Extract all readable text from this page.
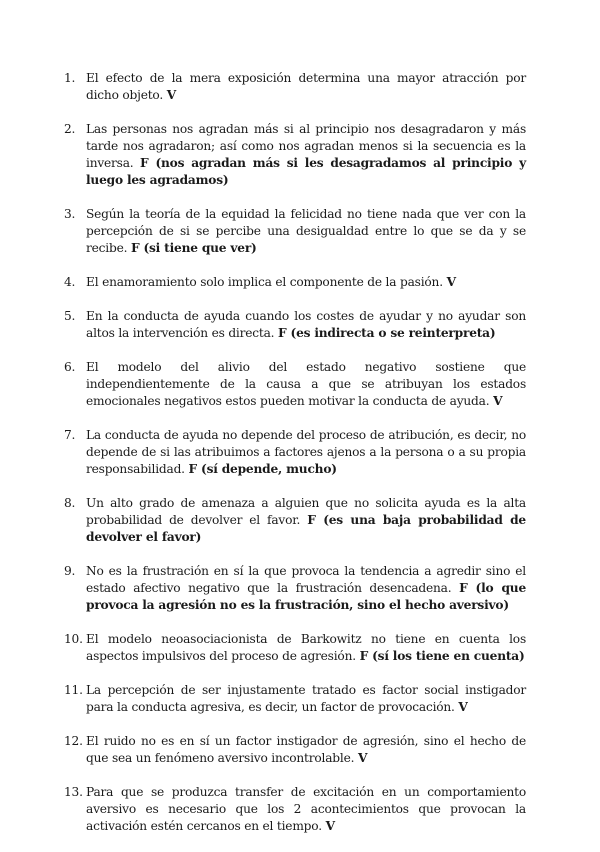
1. El efecto de la mera exposición determina una mayor atracción por dicho objeto. V
2. Las personas nos agradan más si al principio nos desagradaron y más tarde nos agradaron; así como nos agradan menos si la secuencia es la inversa. F (nos agradan más si les desagradamos al principio y luego les agradamos)
3. Según la teoría de la equidad la felicidad no tiene nada que ver con la percepción de si se percibe una desigualdad entre lo que se da y se recibe. F (si tiene que ver)
4. El enamoramiento solo implica el componente de la pasión. V
5. En la conducta de ayuda cuando los costes de ayudar y no ayudar son altos la intervención es directa. F (es indirecta o se reinterpreta)
6. El modelo del alivio del estado negativo sostiene que independientemente de la causa a que se atribuyan los estados emocionales negativos estos pueden motivar la conducta de ayuda. V
7. La conducta de ayuda no depende del proceso de atribución, es decir, no depende de si las atribuimos a factores ajenos a la persona o a su propia responsabilidad. F (sí depende, mucho)
8. Un alto grado de amenaza a alguien que no solicita ayuda es la alta probabilidad de devolver el favor. F (es una baja probabilidad de devolver el favor)
9. No es la frustración en sí la que provoca la tendencia a agredir sino el estado afectivo negativo que la frustración desencadena. F (lo que provoca la agresión no es la frustración, sino el hecho aversivo)
10. El modelo neoasociacionista de Barkowitz no tiene en cuenta los aspectos impulsivos del proceso de agresión. F (sí los tiene en cuenta)
11. La percepción de ser injustamente tratado es factor social instigador para la conducta agresiva, es decir, un factor de provocación. V
12. El ruido no es en sí un factor instigador de agresión, sino el hecho de que sea un fenómeno aversivo incontrolable. V
13. Para que se produzca transfer de excitación en un comportamiento aversivo es necesario que los 2 acontecimientos que provocan la activación estén cercanos en el tiempo. V
